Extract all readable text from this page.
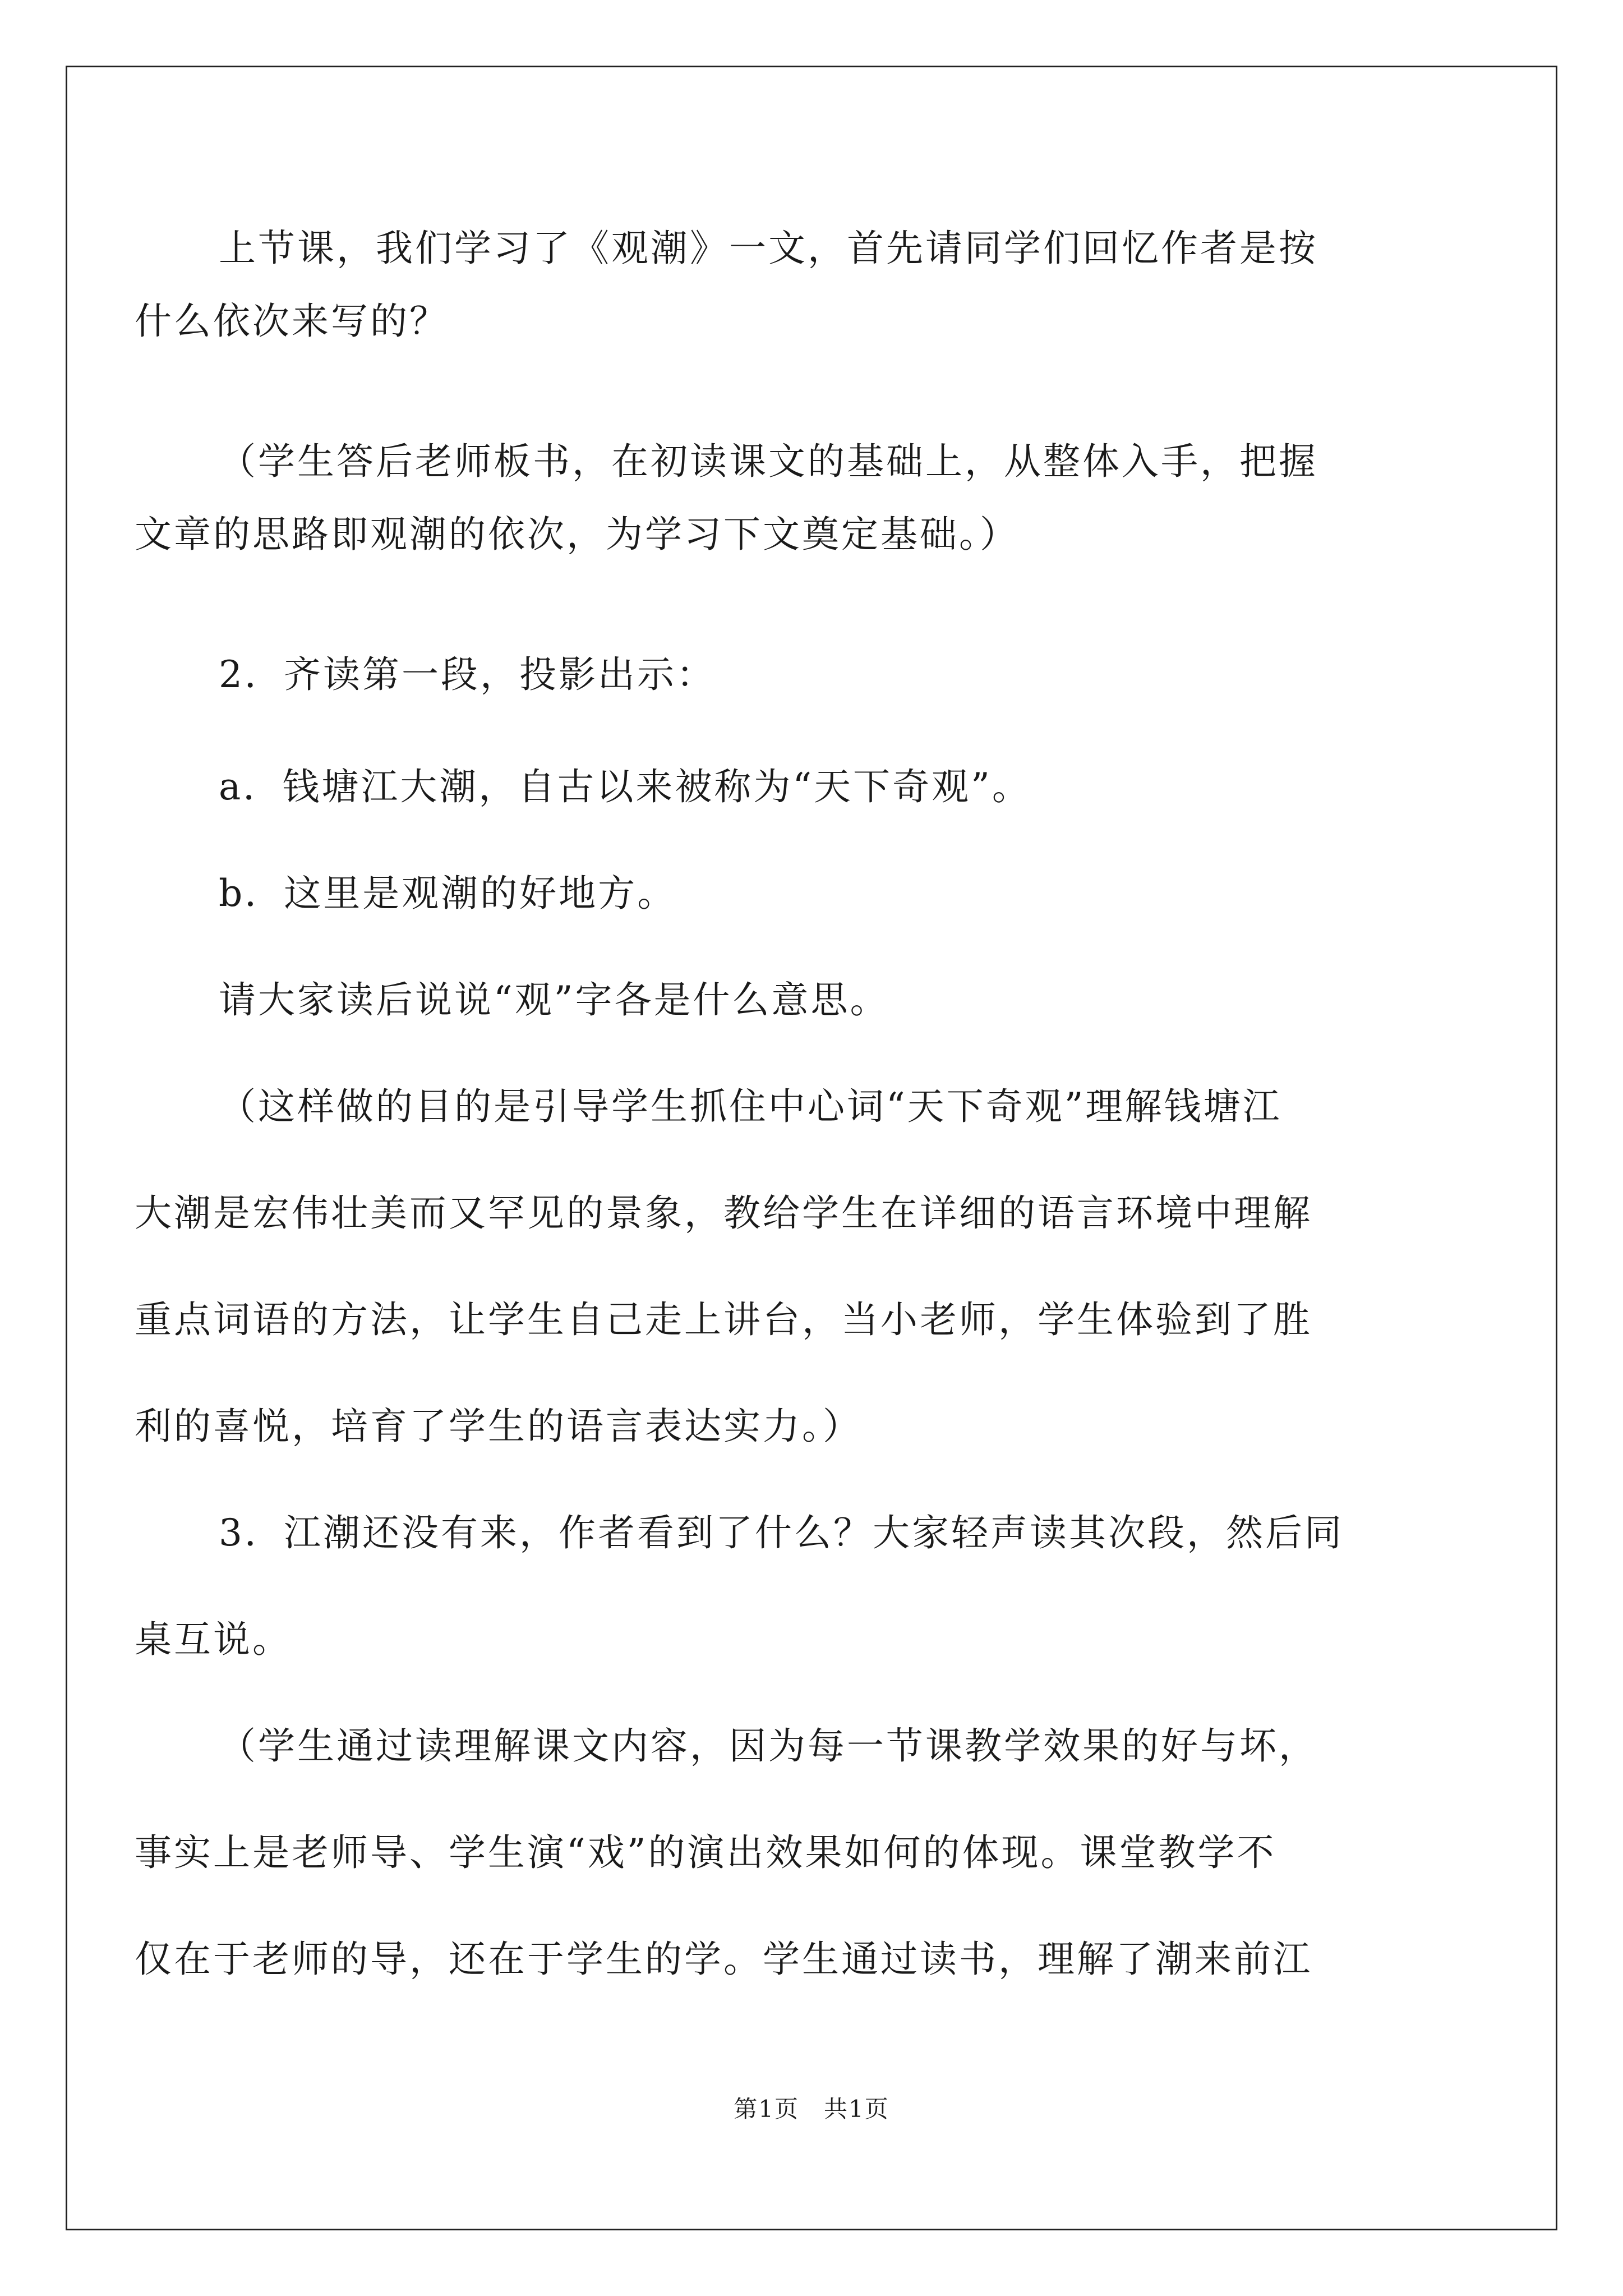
上节课，我们学习了《观潮》一文，首先请同学们回忆作者是按
什么依次来写的？
（学生答后老师板书，在初读课文的基础上，从整体入手，把握
文章的思路即观潮的依次，为学习下文奠定基础。）
2．齐读第一段，投影出示：
a．钱塘江大潮，自古以来被称为“天下奇观”。
b．这里是观潮的好地方。
请大家读后说说“观”字各是什么意思。
（这样做的目的是引导学生抓住中心词“天下奇观”理解钱塘江
大潮是宏伟壮美而又罕见的景象，教给学生在详细的语言环境中理解
重点词语的方法，让学生自己走上讲台，当小老师，学生体验到了胜
利的喜悦，培育了学生的语言表达实力。）
3．江潮还没有来，作者看到了什么？大家轻声读其次段，然后同
桌互说。
（学生通过读理解课文内容，因为每一节课教学效果的好与坏，
事实上是老师导、学生演“戏”的演出效果如何的体现。课堂教学不
仅在于老师的导，还在于学生的学。学生通过读书，理解了潮来前江
第1页　共1页
